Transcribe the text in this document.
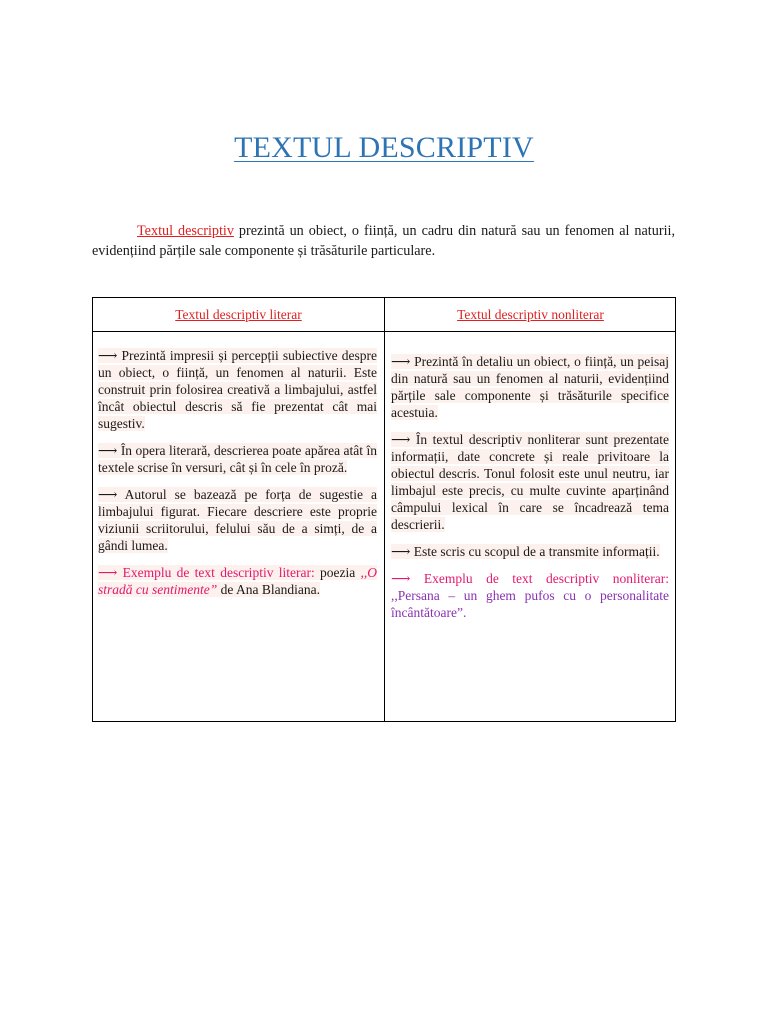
TEXTUL DESCRIPTIV

Textul descriptiv prezintă un obiect, o ființă, un cadru din natură sau un fenomen al naturii, evidențiind părțile sale componente și trăsăturile particulare.

Textul descriptiv literar	Textul descriptiv nonliterar

⟶ Prezintă impresii și percepții subiective despre un obiect, o ființă, un fenomen al naturii. Este construit prin folosirea creativă a limbajului, astfel încât obiectul descris să fie prezentat cât mai sugestiv.

⟶ În opera literară, descrierea poate apărea atât în textele scrise în versuri, cât și în cele în proză.

⟶ Autorul se bazează pe forța de sugestie a limbajului figurat. Fiecare descriere este proprie viziunii scriitorului, felului său de a simți, de a gândi lumea.

⟶ Exemplu de text descriptiv literar: poezia ,,O stradă cu sentimente” de Ana Blandiana.

⟶ Prezintă în detaliu un obiect, o ființă, un peisaj din natură sau un fenomen al naturii, evidențiind părțile sale componente și trăsăturile specifice acestuia.

⟶ În textul descriptiv nonliterar sunt prezentate informații, date concrete și reale privitoare la obiectul descris. Tonul folosit este unul neutru, iar limbajul este precis, cu multe cuvinte aparținând câmpului lexical în care se încadrează tema descrierii.

⟶ Este scris cu scopul de a transmite informații.

⟶ Exemplu de text descriptiv nonliterar: ,,Persana – un ghem pufos cu o personalitate încântătoare”.
